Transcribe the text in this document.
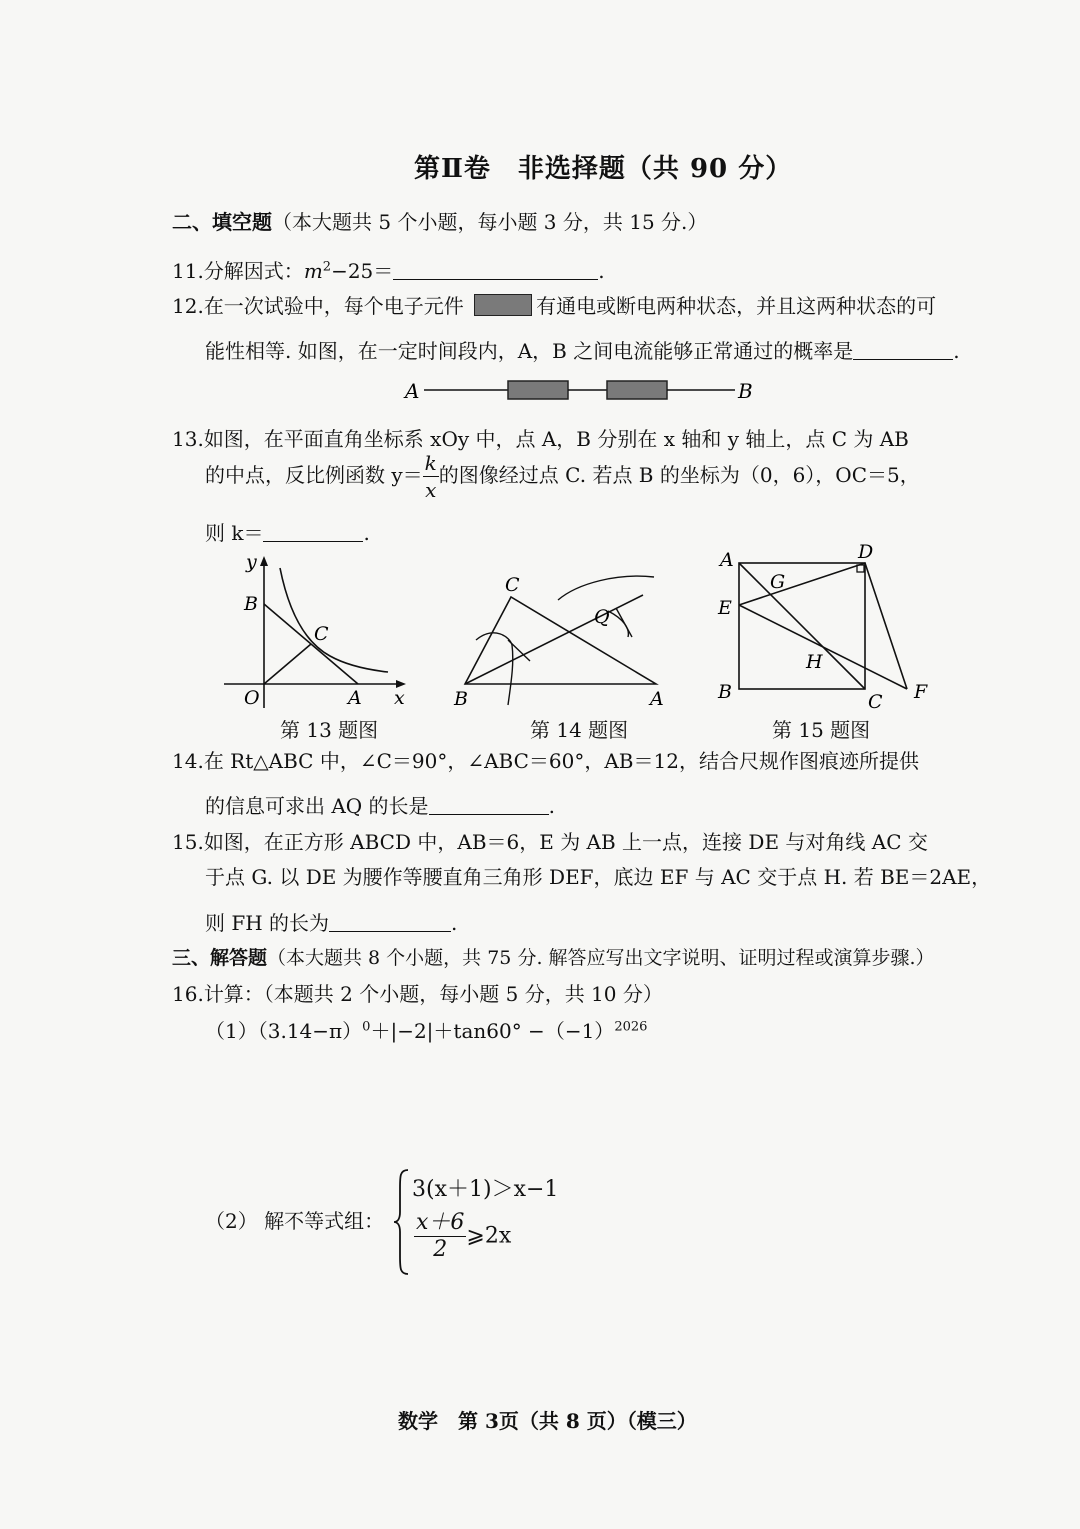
第Ⅱ卷　非选择题（共 90 分）
二、填空题（本大题共 5 个小题，每小题 3 分，共 15 分.）
11.分解因式：$m^2-25=$	.
12.在一次试验中，每个电子元件	有通电或断电两种状态，并且这两种状态的可
能性相等. 如图，在一定时间段内，A，B 之间电流能够正常通过的概率是	.
A	B
13.如图，在平面直角坐标系 xOy 中，点 A，B 分别在 x 轴和 y 轴上，点 C 为 AB
的中点，反比例函数 $y= \frac{k}{x}$ 的图像经过点 C. 若点 B 的坐标为（0，6），OC＝5，
则 k＝	.
y
B
C
O	A x
C
Q
B	A
A	D
G
E
H
B	C F
第 13 题图	第 14 题图	第 15 题图
14.在 Rt△ABC 中，∠C＝90°，∠ABC＝60°，AB＝12，结合尺规作图痕迹所提供
的信息可求出 AQ 的长是	.
15.如图，在正方形 ABCD 中，AB＝6，E 为 AB 上一点，连接 DE 与对角线 AC 交
于点 G. 以 DE 为腰作等腰直角三角形 DEF，底边 EF 与 AC 交于点 H. 若 BE＝2AE，
则 FH 的长为	.
三、解答题（本大题共 8 个小题，共 75 分. 解答应写出文字说明、证明过程或演算步骤.）
16.计算：（本题共 2 个小题，每小题 5 分，共 10 分）
$(1)(3.14-\pi)^0+|-2|+\tan 60^\circ -(-1)^{2026}$
（2） 解不等式组：
3(x＋1)＞x−1
$\frac{x+6}{2}$ ⩾2x
数学　第 3页（共 8 页）（模三）
